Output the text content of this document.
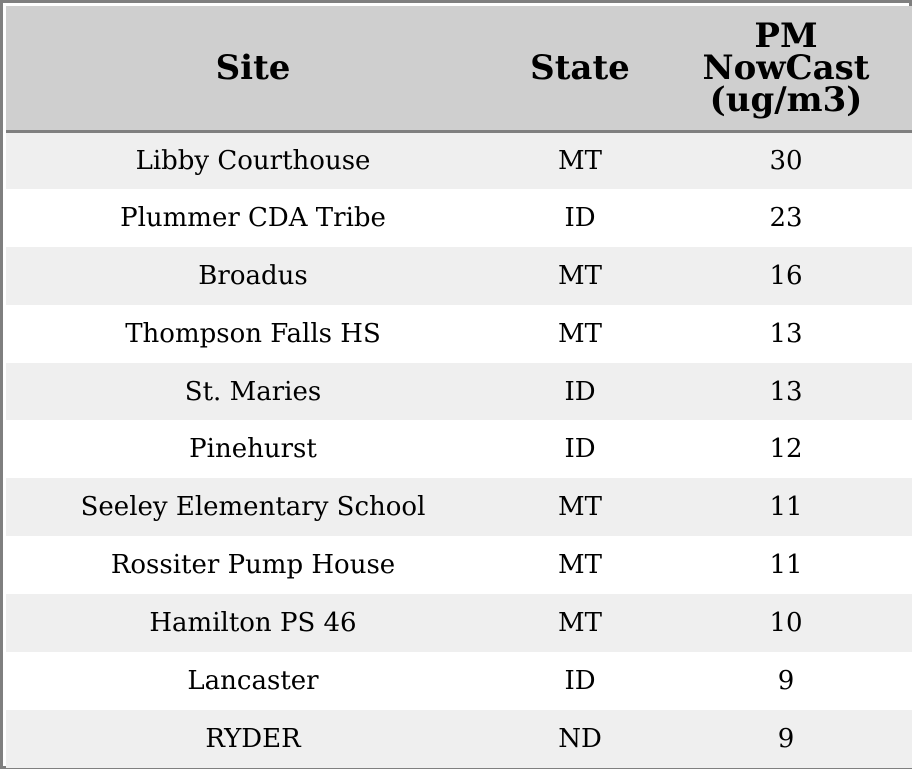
Site	State	PM
NowCast
(ug/m3)

Libby Courthouse	MT	30
Plummer CDA Tribe	ID	23
Broadus	MT	16
Thompson Falls HS	MT	13
St. Maries	ID	13
Pinehurst	ID	12
Seeley Elementary School	MT	11
Rossiter Pump House	MT	11
Hamilton PS 46	MT	10
Lancaster	ID	9
RYDER	ND	9
